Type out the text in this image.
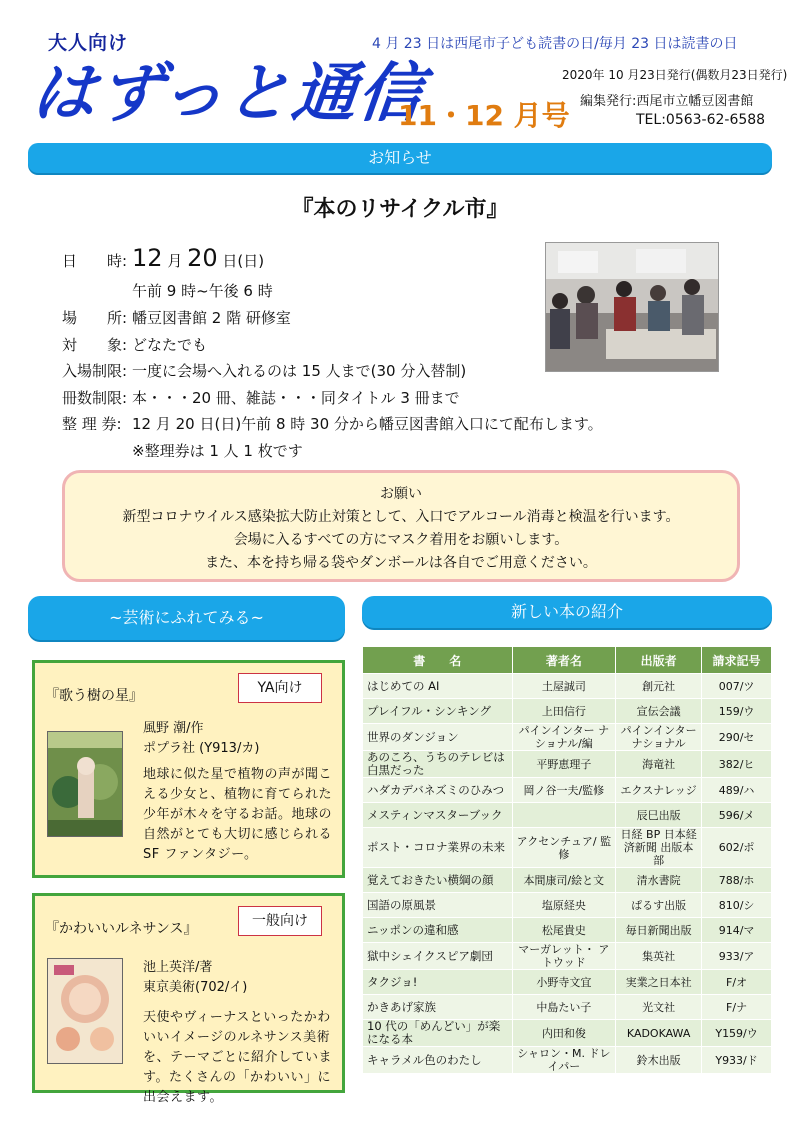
大人向け
はずっと通信
11・12 月号
4 月 23 日は西尾市子ども読書の日/毎月 23 日は読書の日
2020年 10 月23日発行(偶数月23日発行)
編集発行:西尾市立幡豆図書館
TEL:0563-62-6588
お知らせ
『本のリサイクル市』
日　　時: 12 月 20 日(日)
午前 9 時~午後 6 時
場　　所: 幡豆図書館 2 階 研修室
対　　象: どなたでも
入場制限: 一度に会場へ入れるのは 15 人まで(30 分入替制)
冊数制限: 本・・・20 冊、雑誌・・・同タイトル 3 冊まで
整 理 券: 12 月 20 日(日)午前 8 時 30 分から幡豆図書館入口にて配布します。
※整理券は 1 人 1 枚です
お願い
新型コロナウイルス感染拡大防止対策として、入口でアルコール消毒と検温を行います。
会場に入るすべての方にマスク着用をお願いします。
また、本を持ち帰る袋やダンボールは各自でご用意ください。
~芸術にふれてみる~
『歌う樹の星』	YA向け
風野 潮/作
ポプラ社 (Y913/カ)
地球に似た星で植物の声が聞こえる少女と、植物に育てられた少年が木々を守るお話。地球の自然がとても大切に感じられる SF ファンタジー。
『かわいいルネサンス』	一般向け
池上英洋/著
東京美術(702/イ)
天使やヴィーナスといったかわいいイメージのルネサンス美術を、テーマごとに紹介しています。たくさんの「かわいい」に出会えます。
新しい本の紹介
書　　名	著者名	出版者	請求記号
はじめての AI	土屋誠司	創元社	007/ツ
プレイフル・シンキング	上田信行	宣伝会議	159/ウ
世界のダンジョン	パインインター ナショナル/編	パインインター ナショナル	290/セ
あのころ、うちのテレビは白黒だった	平野恵理子	海竜社	382/ヒ
ハダカデバネズミのひみつ	岡ノ谷一夫/監修	エクスナレッジ	489/ハ
メスティンマスターブック		辰巳出版	596/メ
ポスト・コロナ業界の未来	アクセンチュア/ 監修	日経 BP 日本経済新聞 出版本部	602/ポ
覚えておきたい横綱の顔	本間康司/絵と文	清水書院	788/ホ
国語の原風景	塩原経央	ぱるす出版	810/シ
ニッポンの違和感	松尾貴史	毎日新聞出版	914/マ
獄中シェイクスピア劇団	マーガレット・ アトウッド	集英社	933/ア
タクジョ!	小野寺文宜	実業之日本社	F/オ
かきあげ家族	中島たい子	光文社	F/ナ
10 代の「めんどい」が楽になる本	内田和俊	KADOKAWA	Y159/ウ
キャラメル色のわたし	シャロン・M. ドレイパー	鈴木出版	Y933/ド
